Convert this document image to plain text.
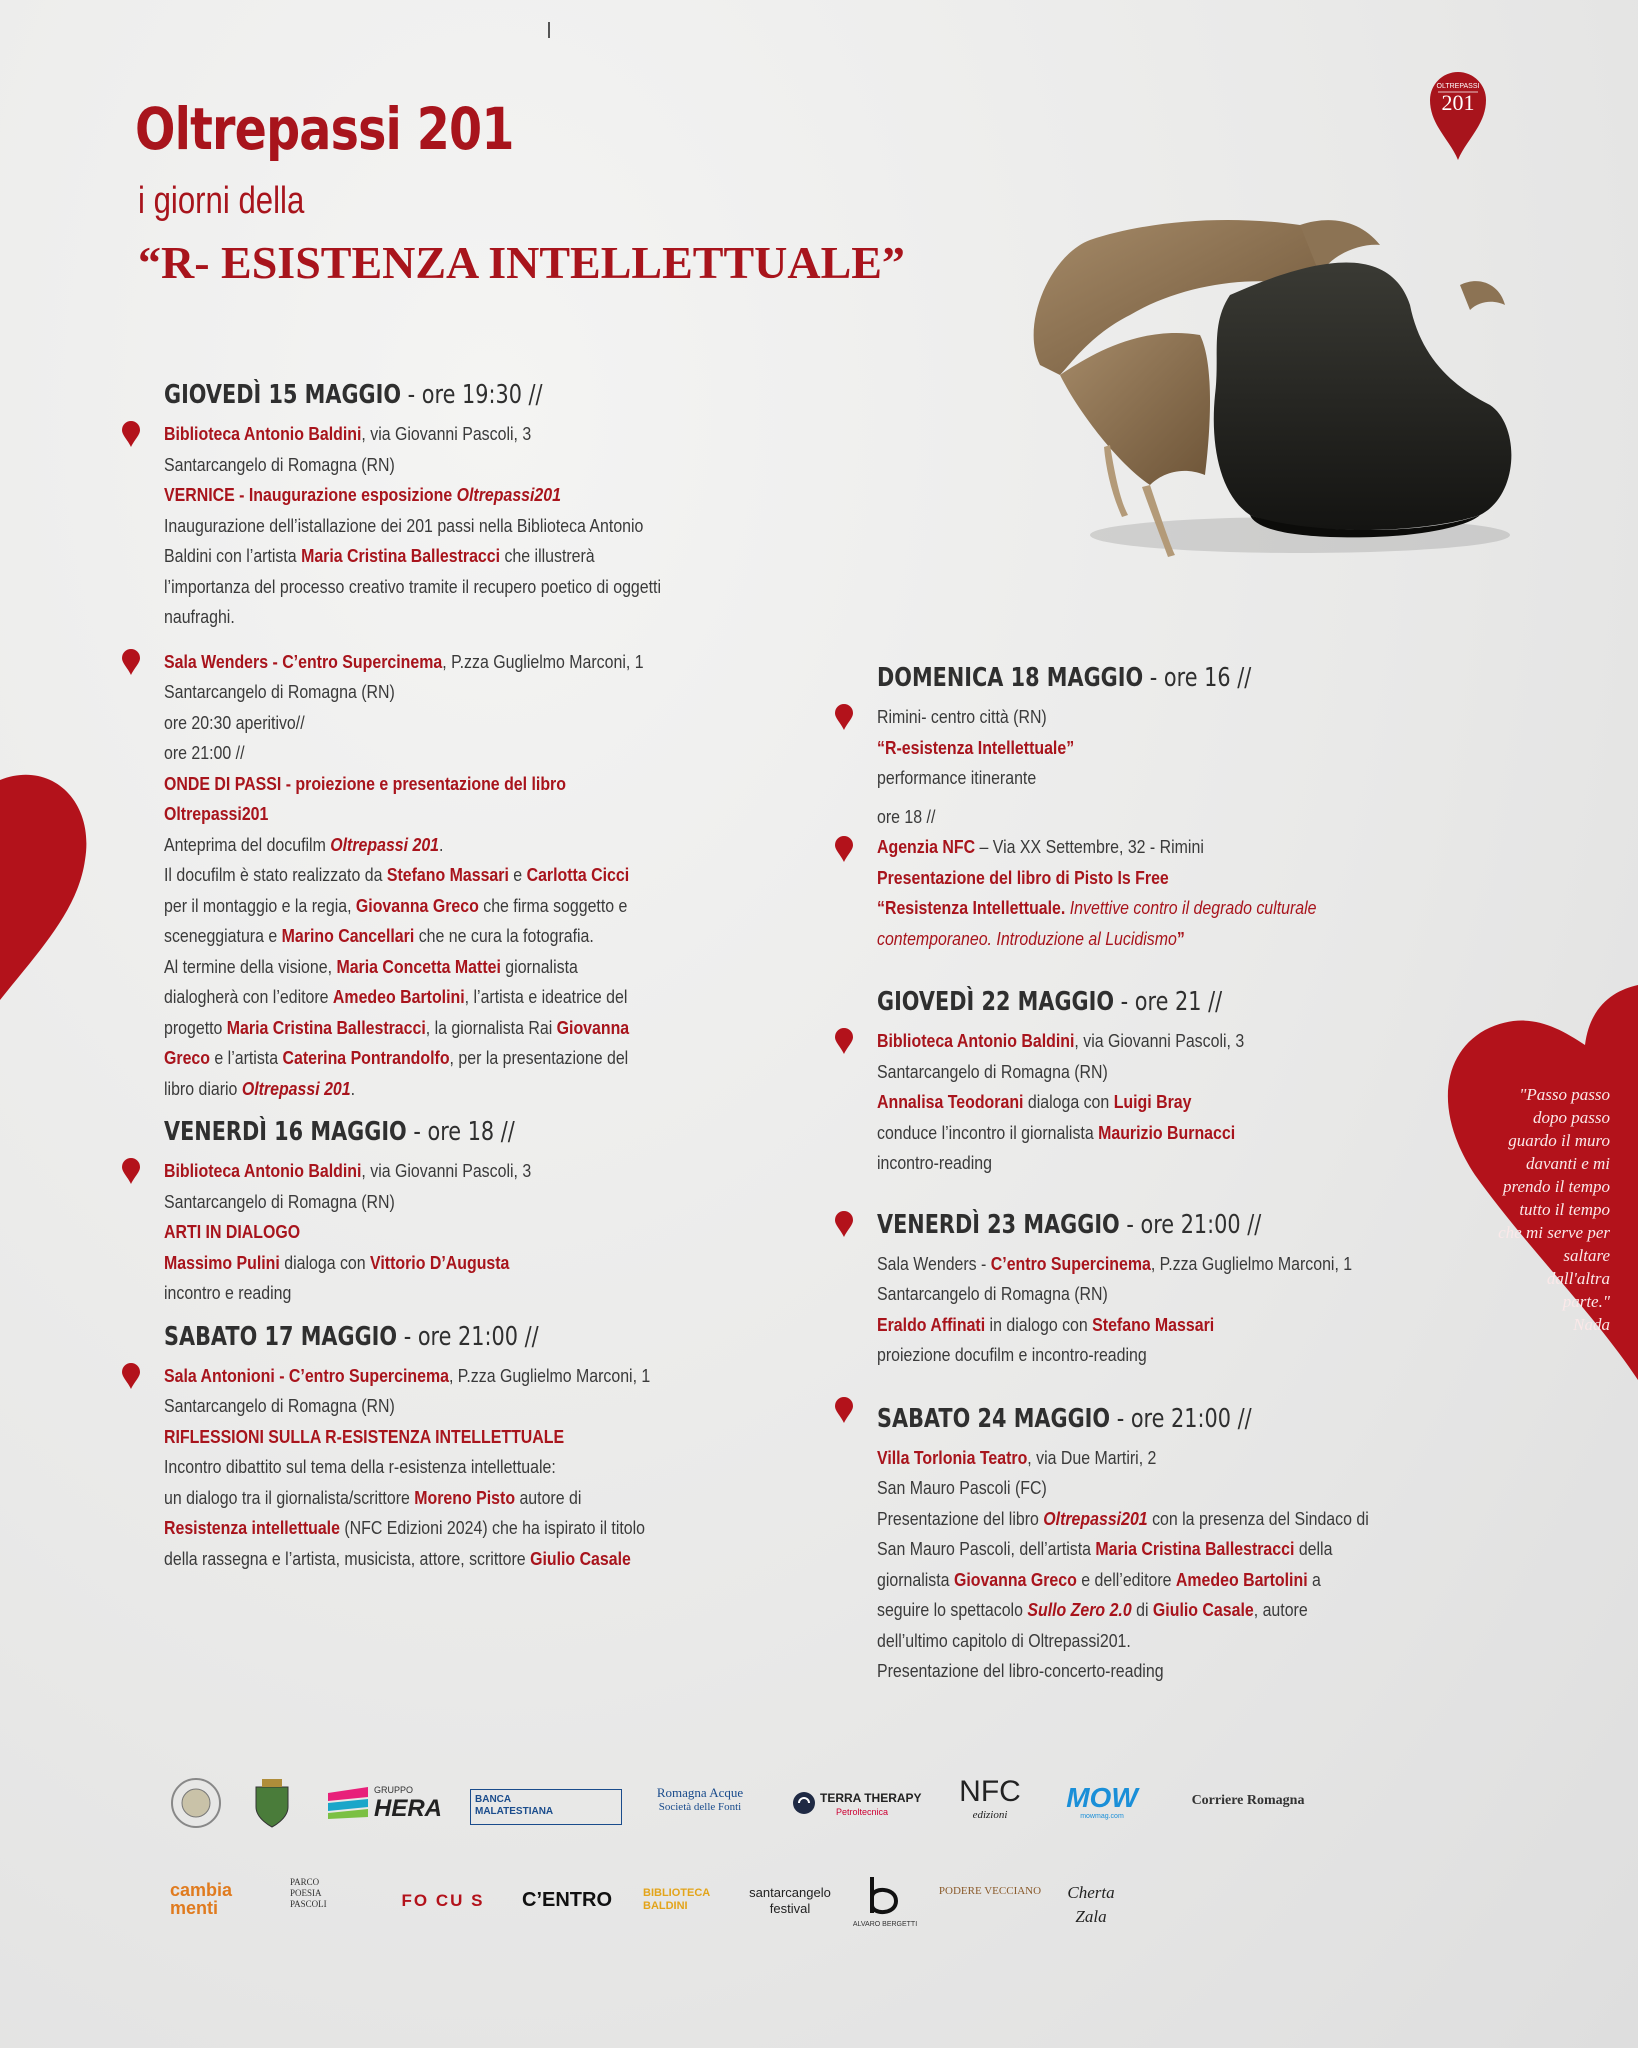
Oltrepassi 201

i giorni della

“R- ESISTENZA INTELLETTUALE”

OLTREPASSI
201
GIOVEDÌ 15 MAGGIO - ore 19:30 //
Biblioteca Antonio Baldini, via Giovanni Pascoli, 3
Santarcangelo di Romagna (RN)
VERNICE - Inaugurazione esposizione Oltrepassi201
Inaugurazione dell’istallazione dei 201 passi nella Biblioteca Antonio
Baldini con l’artista Maria Cristina Ballestracci che illustrerà
l’importanza del processo creativo tramite il recupero poetico di oggetti
naufraghi.
Sala Wenders - C’entro Supercinema, P.zza Guglielmo Marconi, 1
Santarcangelo di Romagna (RN)
ore 20:30 aperitivo//
ore 21:00 //
ONDE DI PASSI - proiezione e presentazione del libro
Oltrepassi201
Anteprima del docufilm Oltrepassi 201.
Il docufilm è stato realizzato da Stefano Massari e Carlotta Cicci
per il montaggio e la regia, Giovanna Greco che firma soggetto e
sceneggiatura e Marino Cancellari che ne cura la fotografia.
Al termine della visione, Maria Concetta Mattei giornalista
dialogherà con l’editore Amedeo Bartolini, l’artista e ideatrice del
progetto Maria Cristina Ballestracci, la giornalista Rai Giovanna
Greco e l’artista Caterina Pontrandolfo, per la presentazione del
libro diario Oltrepassi 201.
VENERDÌ 16 MAGGIO - ore 18 //
Biblioteca Antonio Baldini, via Giovanni Pascoli, 3
Santarcangelo di Romagna (RN)
ARTI IN DIALOGO
Massimo Pulini dialoga con Vittorio D’Augusta
incontro e reading
SABATO 17 MAGGIO - ore 21:00 //
Sala Antonioni - C’entro Supercinema, P.zza Guglielmo Marconi, 1
Santarcangelo di Romagna (RN)
RIFLESSIONI SULLA R-ESISTENZA INTELLETTUALE
Incontro dibattito sul tema della r-esistenza intellettuale:
un dialogo tra il giornalista/scrittore Moreno Pisto autore di
Resistenza intellettuale (NFC Edizioni 2024) che ha ispirato il titolo
della rassegna e l’artista, musicista, attore, scrittore Giulio Casale
DOMENICA 18 MAGGIO - ore 16 //
Rimini- centro città (RN)
“R-esistenza Intellettuale”
performance itinerante
ore 18 //
Agenzia NFC – Via XX Settembre, 32 - Rimini
Presentazione del libro di Pisto Is Free
“Resistenza Intellettuale. Invettive contro il degrado culturale
contemporaneo. Introduzione al Lucidismo”
GIOVEDÌ 22 MAGGIO - ore 21 //
Biblioteca Antonio Baldini, via Giovanni Pascoli, 3
Santarcangelo di Romagna (RN)
Annalisa Teodorani dialoga con Luigi Bray
conduce l’incontro il giornalista Maurizio Burnacci
incontro-reading
VENERDÌ 23 MAGGIO - ore 21:00 //
Sala Wenders - C’entro Supercinema, P.zza Guglielmo Marconi, 1
Santarcangelo di Romagna (RN)
Eraldo Affinati in dialogo con Stefano Massari
proiezione docufilm e incontro-reading
SABATO 24 MAGGIO - ore 21:00 //
Villa Torlonia Teatro, via Due Martiri, 2
San Mauro Pascoli (FC)
Presentazione del libro Oltrepassi201 con la presenza del Sindaco di
San Mauro Pascoli, dell’artista Maria Cristina Ballestracci della
giornalista Giovanna Greco e dell’editore Amedeo Bartolini a
seguire lo spettacolo Sullo Zero 2.0 di Giulio Casale, autore
dell’ultimo capitolo di Oltrepassi201.
Presentazione del libro-concerto-reading
"Passo passo
dopo passo
guardo il muro
davanti e mi
prendo il tempo
tutto il tempo
che mi serve per
saltare
dall'altra
parte."
Nada
GRUPPO
HERA	BANCA MALATESTIANA
Romagna Acque
Società delle Fonti
TERRA THERAPY
Petroltecnica
NFC
edizioni
MOW
mowmag.com
Corriere Romagna
cambia menti
PARCO POESIA PASCOLI	FO CU S C’ENTRO	BIBLIOTECA BALDINI
santarcangelo festival
ALVARO BERGETTI
PODERE VECCIANO	Cherta Zala
